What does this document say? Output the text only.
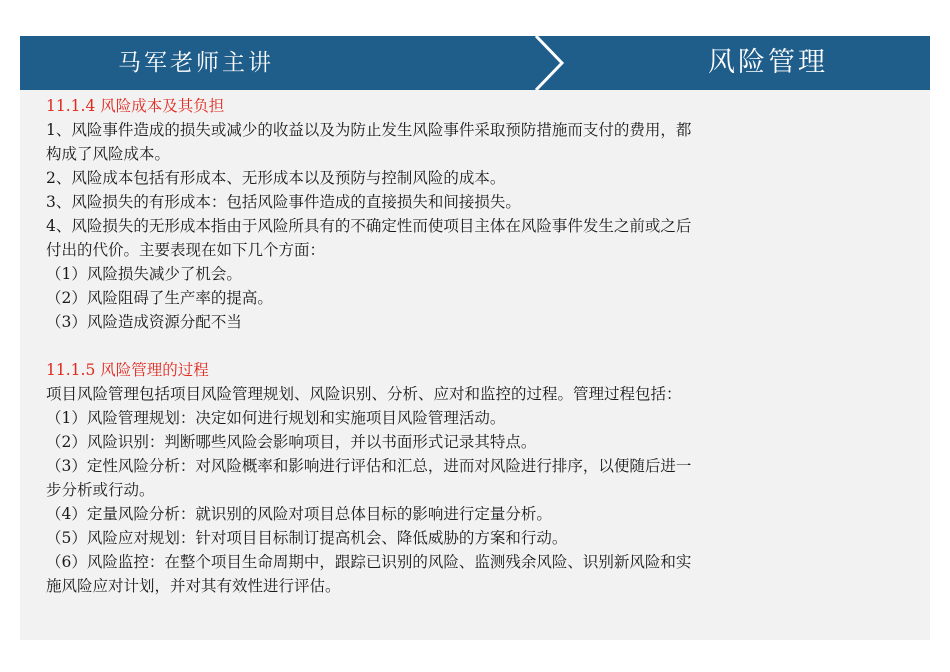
马军老师主讲	风险管理

11.1.4 风险成本及其负担

1、风险事件造成的损失或减少的收益以及为防止发生风险事件采取预防措施而支付的费用，都

构成了风险成本。

2、风险成本包括有形成本、无形成本以及预防与控制风险的成本。

3、风险损失的有形成本：包括风险事件造成的直接损失和间接损失。

4、风险损失的无形成本指由于风险所具有的不确定性而使项目主体在风险事件发生之前或之后

付出的代价。主要表现在如下几个方面：

（1）风险损失减少了机会。

（2）风险阻碍了生产率的提高。

（3）风险造成资源分配不当

11.1.5 风险管理的过程

项目风险管理包括项目风险管理规划、风险识别、分析、应对和监控的过程。管理过程包括：

（1）风险管理规划：决定如何进行规划和实施项目风险管理活动。

（2）风险识别：判断哪些风险会影响项目，并以书面形式记录其特点。

（3）定性风险分析：对风险概率和影响进行评估和汇总，进而对风险进行排序，以便随后进一

步分析或行动。

（4）定量风险分析：就识别的风险对项目总体目标的影响进行定量分析。

（5）风险应对规划：针对项目目标制订提高机会、降低威胁的方案和行动。

（6）风险监控：在整个项目生命周期中，跟踪已识别的风险、监测残余风险、识别新风险和实

施风险应对计划，并对其有效性进行评估。
